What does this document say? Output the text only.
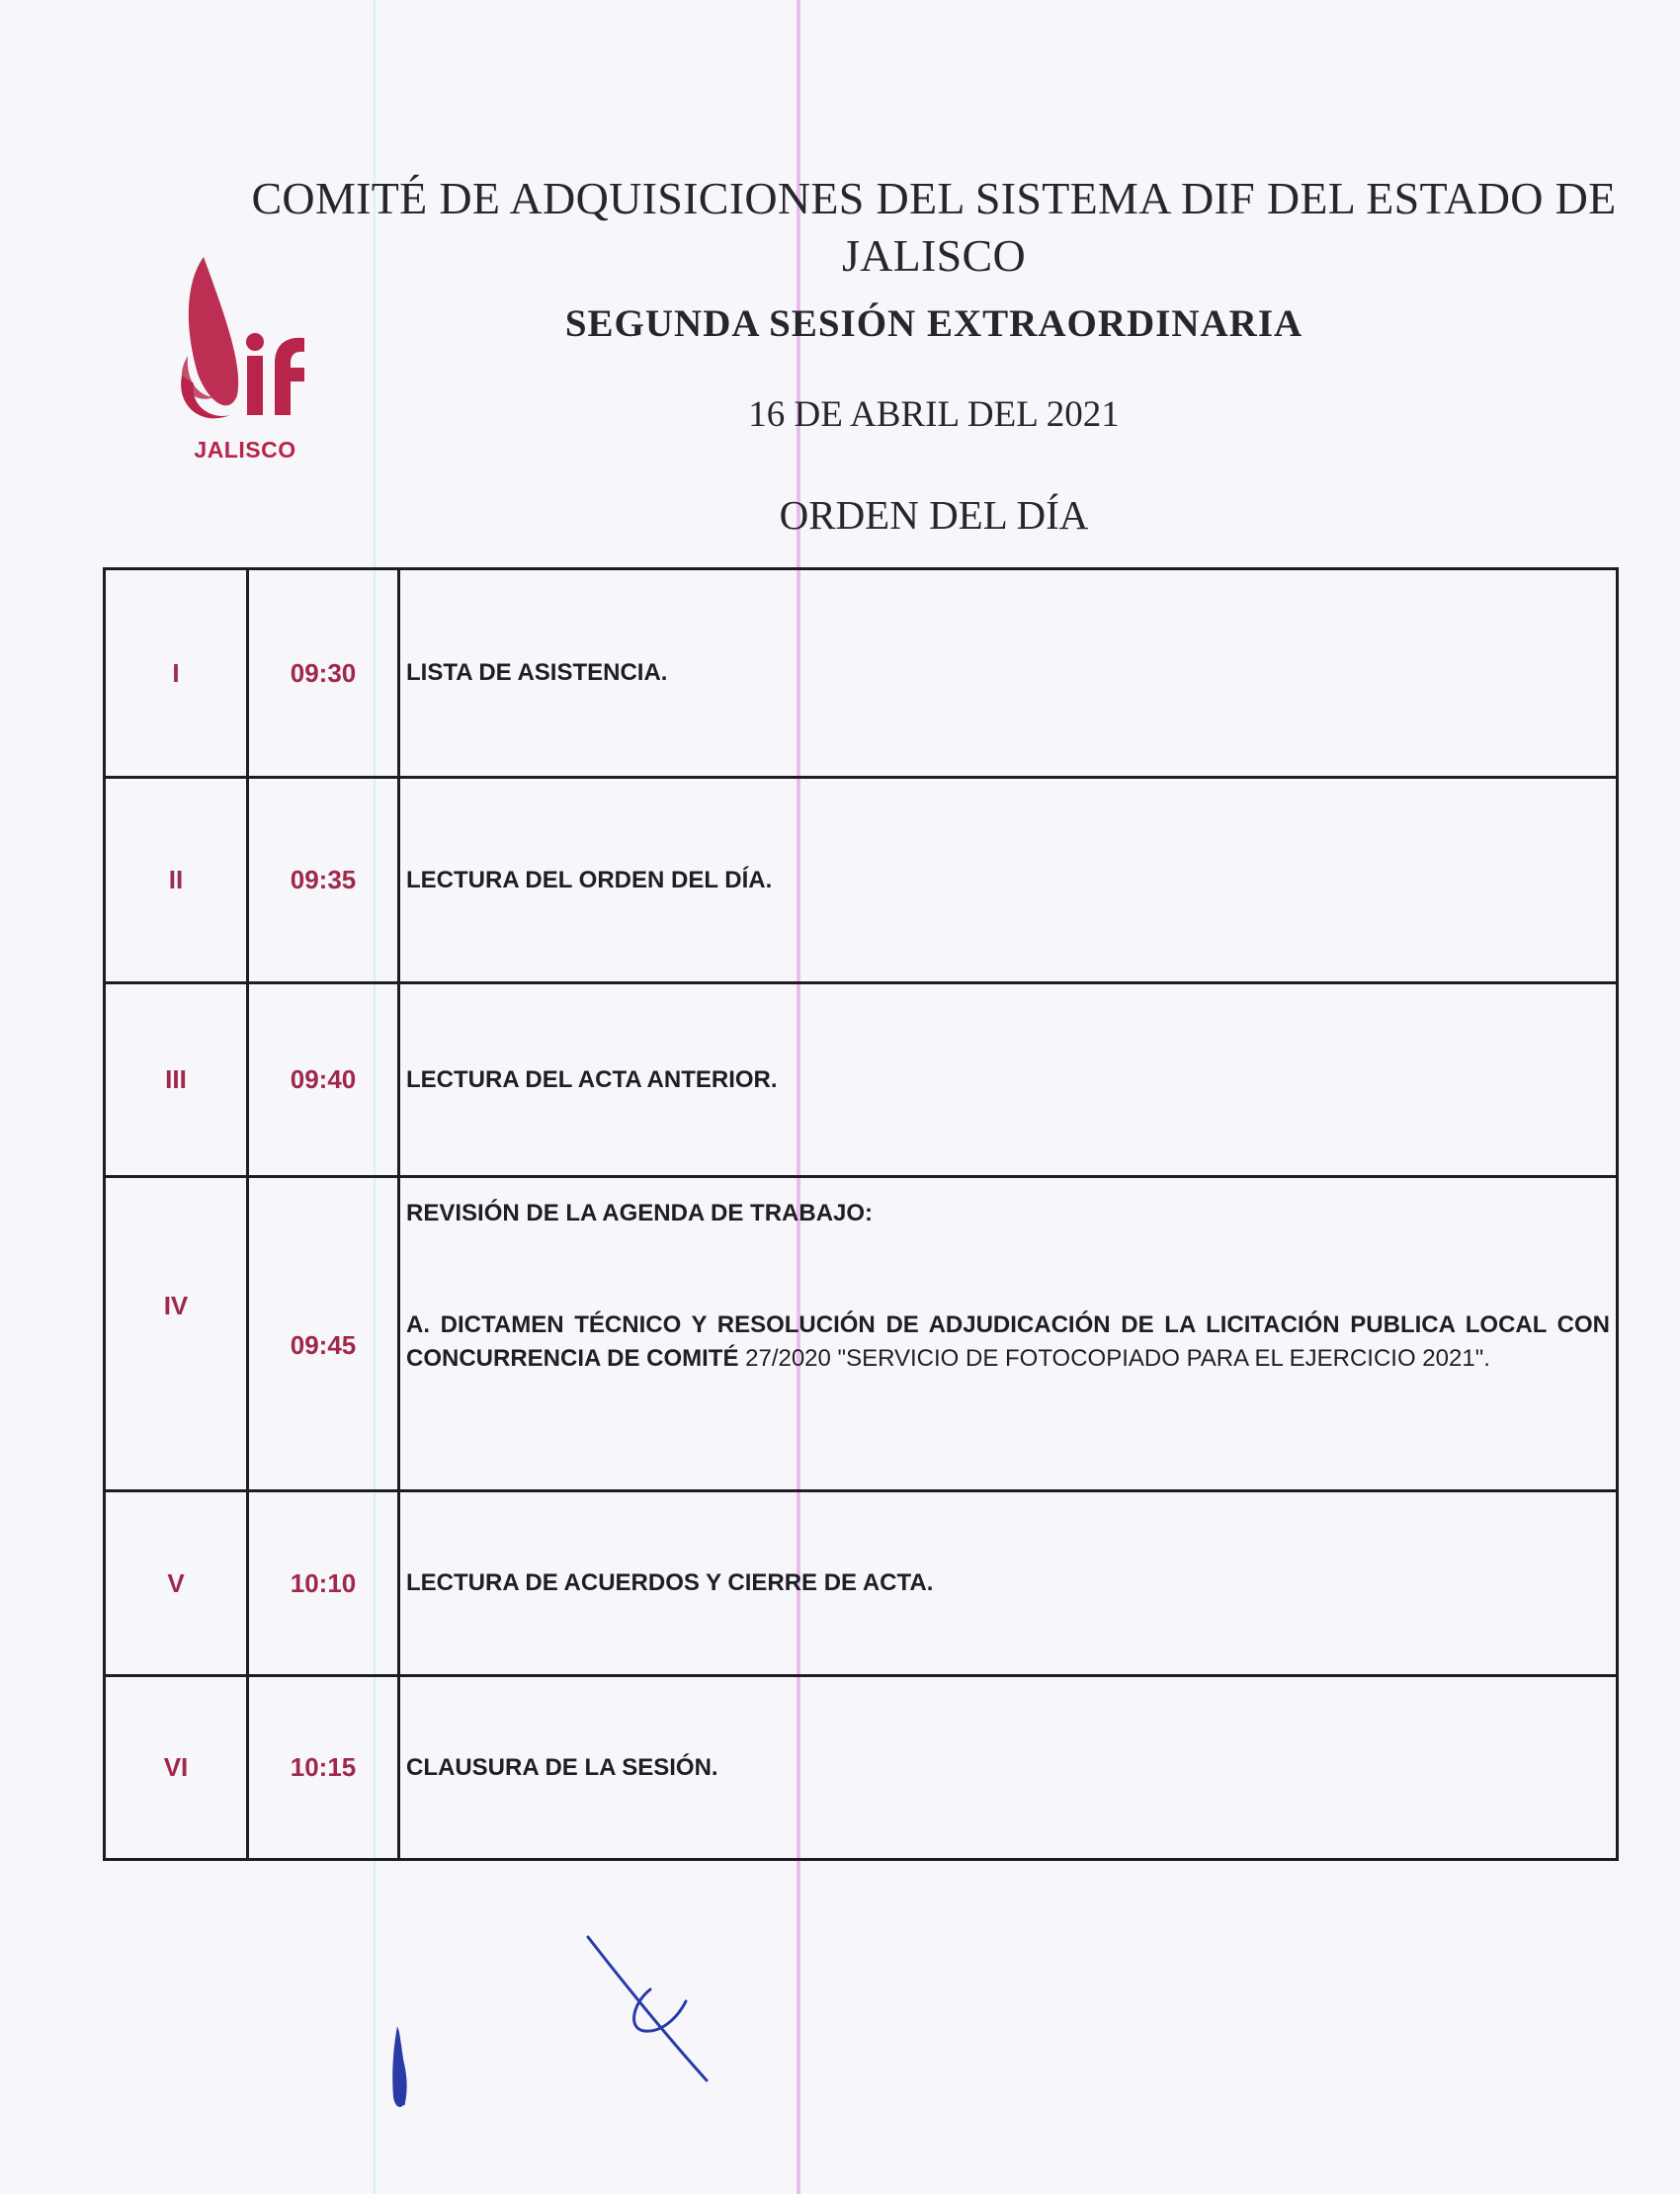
JALISCO
COMITÉ DE ADQUISICIONES DEL SISTEMA DIF DEL ESTADO DE JALISCO
SEGUNDA SESIÓN EXTRAORDINARIA
16 DE ABRIL DEL 2021
ORDEN DEL DÍA
I	09:30	LISTA DE ASISTENCIA.
II	09:35	LECTURA DEL ORDEN DEL DÍA.
III	09:40	LECTURA DEL ACTA ANTERIOR.
IV	09:45	REVISIÓN DE LA AGENDA DE TRABAJO:
A. DICTAMEN TÉCNICO Y RESOLUCIÓN DE ADJUDICACIÓN DE LA LICITACIÓN PUBLICA LOCAL CON CONCURRENCIA DE COMITÉ 27/2020 "SERVICIO DE FOTOCOPIADO PARA EL EJERCICIO 2021".

V	10:10	LECTURA DE ACUERDOS Y CIERRE DE ACTA.
VI	10:15	CLAUSURA DE LA SESIÓN.
